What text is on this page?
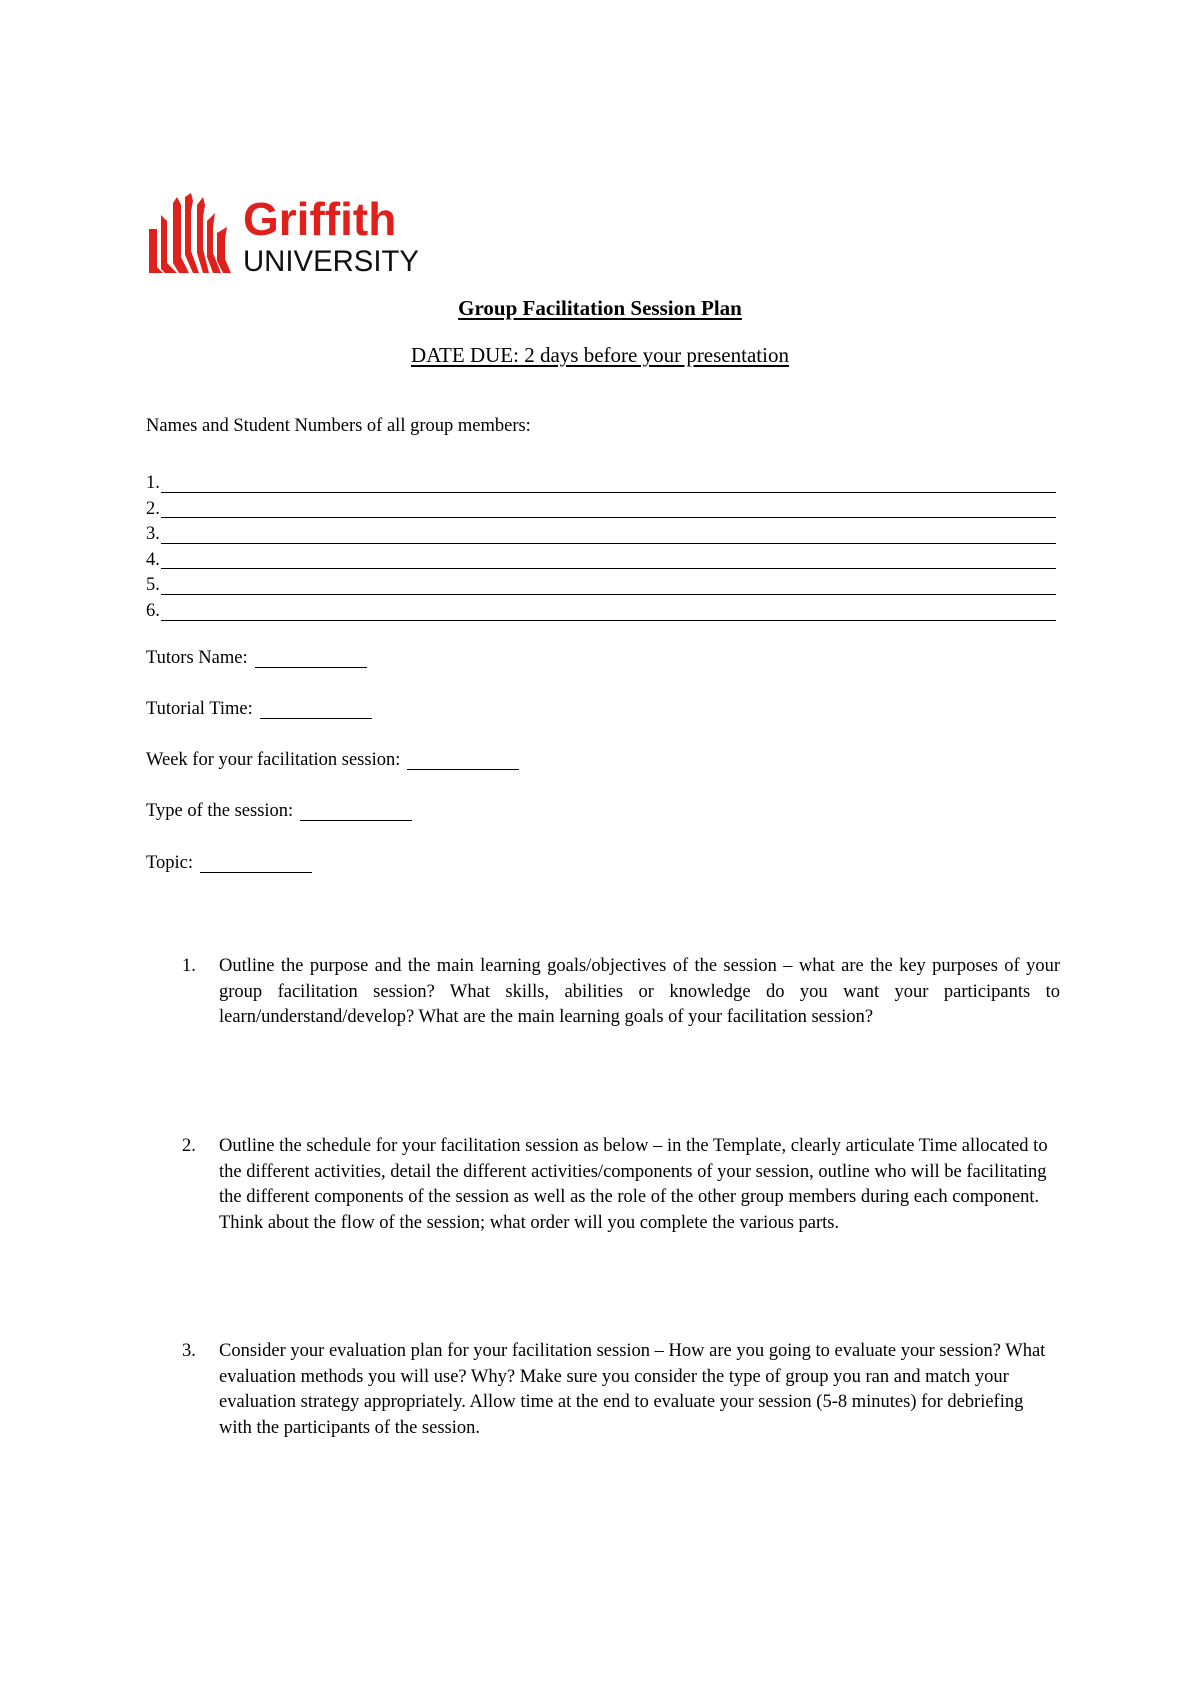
Griffith
UNIVERSITY
Group Facilitation Session Plan
DATE DUE: 2 days before your presentation
Names and Student Numbers of all group members:
1.
2.
3.
4.
5.
6.
Tutors Name:
Tutorial Time:
Week for your facilitation session:
Type of the session:
Topic:
1. Outline the purpose and the main learning goals/objectives of the session – what are the key purposes of your group facilitation session? What skills, abilities or knowledge do you want your participants to learn/understand/develop? What are the main learning goals of your facilitation session?
2. Outline the schedule for your facilitation session as below – in the Template, clearly articulate Time allocated to the different activities, detail the different activities/components of your session, outline who will be facilitating the different components of the session as well as the role of the other group members during each component. Think about the flow of the session; what order will you complete the various parts.
3. Consider your evaluation plan for your facilitation session – How are you going to evaluate your session? What evaluation methods you will use? Why? Make sure you consider the type of group you ran and match your evaluation strategy appropriately. Allow time at the end to evaluate your session (5-8 minutes) for debriefing with the participants of the session.
